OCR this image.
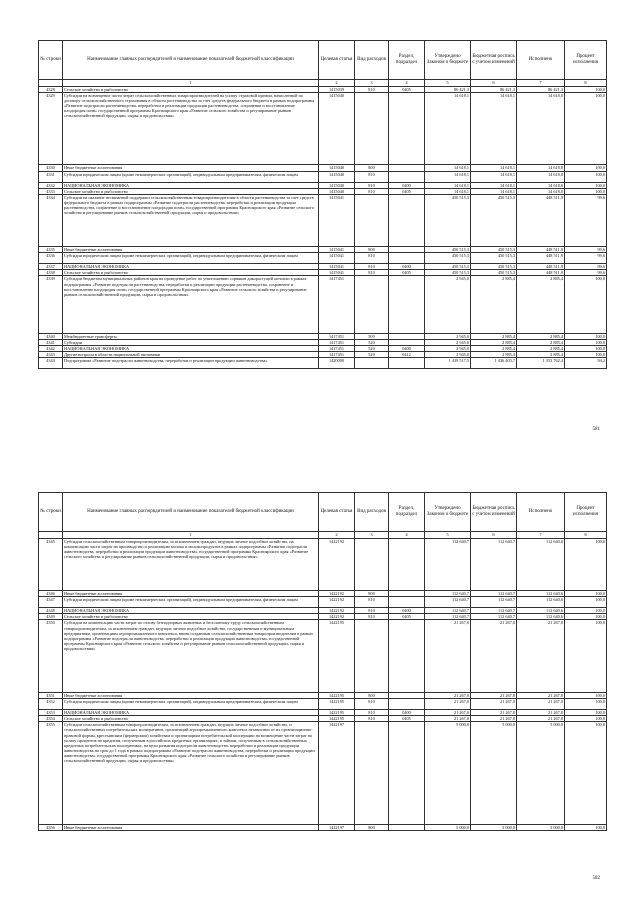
№ строки	Наименование главных распорядителей и наименование показателей бюджетной классификации	Целевая статья	Вид расходов	Раздел, подраздел	Утверждено Законом о бюджете	Бюджетная роспись с учетом изменений	Исполнено	Процент исполнения
	1	2	3	4	5	6	7	8
4328	Сельское хозяйство и рыболовство	1415039	810	0405	86 421,3	86 421,3	86 421,3	100,0
4329	Субсидии на возмещение части затрат сельскохозяйственных товаропроизводителей на уплату страховой премии, начисленной по договору сельскохозяйственного страхования в области растениеводства за счет средств федерального бюджета в рамках подпрограммы «Развитие подотрасли растениеводства, переработки и реализации продукции растениеводства, сохранение и восстановление плодородия почв» государственной программы Красноярского края «Развитие сельского хозяйства и регулирование рынков сельскохозяйственной продукции, сырья и продовольствия»	1415040			14 618,1	14 618,1	14 618,0	100,0
4330	Иные бюджетные ассигнования	1415040	800		14 618,1	14 618,1	14 618,0	100,0
4331	Субсидии юридическим лицам (кроме некоммерческих организаций), индивидуальным предпринимателям, физическим лицам	1415040	810		14 618,1	14 618,1	14 618,0	100,0
4332	НАЦИОНАЛЬНАЯ ЭКОНОМИКА	1415040	810	0400	14 618,1	14 618,1	14 618,0	100,0
4333	Сельское хозяйство и рыболовство	1415040	810	0405	14 618,1	14 618,1	14 618,0	100,0
4334	Субсидии на оказание несвязанной поддержки сельскохозяйственным товаропроизводителям в области растениеводства за счет средств федерального бюджета в рамках подпрограммы «Развитие подотрасли растениеводства, переработки и реализации продукции растениеводства, сохранение и восстановление плодородия почв» государственной программы Красноярского края «Развитие сельского хозяйства и регулирование рынков сельскохозяйственной продукции, сырья и продовольствия»	1415041			450 515,3	450 515,3	448 511,9	99,6
4335	Иные бюджетные ассигнования	1415041	800		450 515,3	450 515,3	448 511,9	99,6
4336	Субсидии юридическим лицам (кроме некоммерческих организаций), индивидуальным предпринимателям, физическим лицам	1415041	810		450 515,3	450 515,3	448 511,9	99,6
4337	НАЦИОНАЛЬНАЯ ЭКОНОМИКА	1415041	810	0400	450 515,3	450 515,3	448 511,9	99,6
4338	Сельское хозяйство и рыболовство	1415041	810	0405	450 515,3	450 515,3	448 511,9	99,6
4339	Субсидии бюджетам муниципальных районов края на проведение работ по уничтожению сорняков дикорастущей конопли в рамках подпрограммы «Развитие подотрасли растениеводства, переработки и реализации продукции растениеводства, сохранение и восстановление плодородия почв» государственной программы Красноярского края «Развитие сельского хозяйства и регулирование рынков сельскохозяйственной продукции, сырья и продовольствия»	1417451			2 945,0	2 885,4	2 885,4	100,0
4340	Межбюджетные трансферты	1417451	500		2 945,0	2 885,4	2 885,4	100,0
4341	Субсидии	1417451	520		2 945,0	2 885,4	2 885,4	100,0
4342	НАЦИОНАЛЬНАЯ ЭКОНОМИКА	1417451	520	0400	2 945,0	2 885,4	2 885,4	100,0
4343	Другие вопросы в области национальной экономики	1417451	520	0412	2 945,0	2 885,4	2 885,4	100,0
4344	Подпрограмма «Развитие подотрасли животноводства, переработки и реализации продукции животноводства»	1420000			1 439 517,5	1 436 403,7	1 353 762,4	94,2
581
№ строки	Наименование главных распорядителей и наименование показателей бюджетной классификации	Целевая статья	Вид расходов	Раздел, подраздел	Утверждено Законом о бюджете	Бюджетная роспись с учетом изменений	Исполнено	Процент исполнения
	1	2	3	4	5	6	7	8
4345	Субсидии сельскохозяйственным товаропроизводителям, за исключением граждан, ведущих личное подсобное хозяйство, на компенсацию части затрат на производство и реализацию молока и молокопродуктов в рамках подпрограммы «Развитие подотрасли животноводства, переработки и реализации продукции животноводства» государственной программы Красноярского края «Развитие сельского хозяйства и регулирование рынков сельскохозяйственной продукции, сырья и продовольствия»	1422192			112 640,7	112 640,7	112 640,6	100,0
4346	Иные бюджетные ассигнования	1422192	800		112 640,7	112 640,7	112 640,6	100,0
4347	Субсидии юридическим лицам (кроме некоммерческих организаций), индивидуальным предпринимателям, физическим лицам	1422192	810		112 640,7	112 640,7	112 640,6	100,0
4348	НАЦИОНАЛЬНАЯ ЭКОНОМИКА	1422192	810	0400	112 640,7	112 640,7	112 640,6	100,0
4349	Сельское хозяйство и рыболовство	1422192	810	0405	112 640,7	112 640,7	112 640,6	100,0
4350	Субсидии на компенсацию части затрат по отлову безнадзорных животных и бесплатному труду сельскохозяйственным товаропроизводителям, за исключением граждан, ведущих личное подсобное хозяйство, государственным и муниципальным предприятиям, организациям агропромышленного комплекса, вновь созданным сельскохозяйственным товаропроизводителям в рамках подпрограммы «Развитие подотрасли животноводства, переработки и реализации продукции животноводства» государственной программы Красноярского края «Развитие сельского хозяйства и регулирование рынков сельскохозяйственной продукции, сырья и продовольствия»	1422195			21 267,0	21 267,0	21 267,0	100,0
4351	Иные бюджетные ассигнования	1422195	800		21 267,0	21 267,0	21 267,0	100,0
4352	Субсидии юридическим лицам (кроме некоммерческих организаций), индивидуальным предпринимателям, физическим лицам	1422195	810		21 267,0	21 267,0	21 267,0	100,0
4353	НАЦИОНАЛЬНАЯ ЭКОНОМИКА	1422195	810	0400	21 267,0	21 267,0	21 267,0	100,0
4354	Сельское хозяйство и рыболовство	1422195	810	0405	21 267,0	21 267,0	21 267,0	100,0
4355	Субсидии сельскохозяйственным товаропроизводителям, за исключением граждан, ведущих личное подсобное хозяйство, и сельскохозяйственных потребительских кооперативов, организаций агропромышленного комплекса независимо от их организационно-правовой формы, крестьянским (фермерским) хозяйствам и организациям потребительской кооперации на возмещение части затрат на уплату процентов по кредитам, полученным в российских кредитных организациях, и займам, полученным в сельскохозяйственных кредитных потребительских кооперативах, на цели развития подотрасли животноводства, переработки и реализации продукции животноводства на срок до 1 года в рамках подпрограммы «Развитие подотрасли животноводства, переработки и реализации продукции животноводства» государственной программы Красноярского края «Развитие сельского хозяйства и регулирование рынков сельскохозяйственной продукции, сырья и продовольствия»	1422197			5 000,0	5 000,0	5 000,0	100,0
4356	Иные бюджетные ассигнования	1422197	800		5 000,0	5 000,0	5 000,0	100,0
582
